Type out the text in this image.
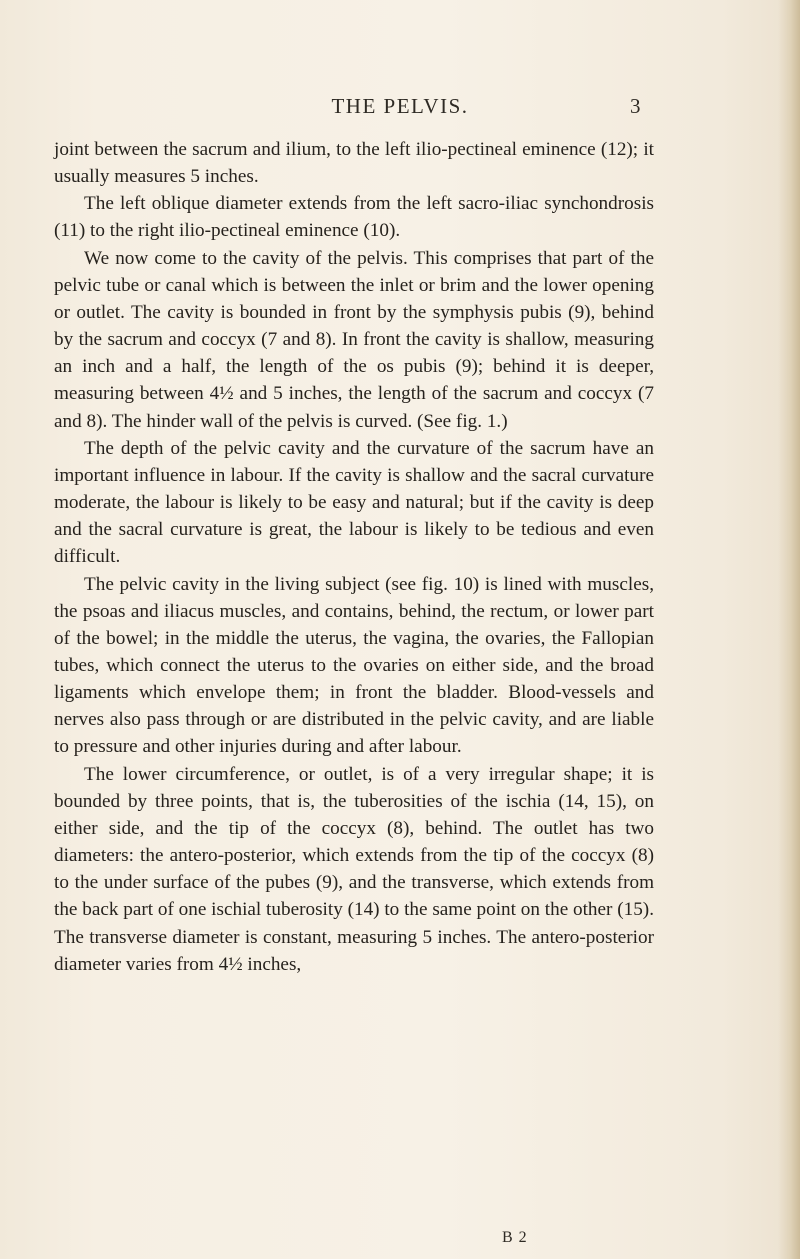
THE PELVIS.	3

joint between the sacrum and ilium, to the left ilio-pectineal eminence (12); it usually measures 5 inches.

The left oblique diameter extends from the left sacro-iliac synchondrosis (11) to the right ilio-pectineal eminence (10).

We now come to the cavity of the pelvis. This comprises that part of the pelvic tube or canal which is between the inlet or brim and the lower opening or outlet. The cavity is bounded in front by the symphysis pubis (9), behind by the sacrum and coccyx (7 and 8). In front the cavity is shallow, measuring an inch and a half, the length of the os pubis (9); behind it is deeper, measuring between 4½ and 5 inches, the length of the sacrum and coccyx (7 and 8). The hinder wall of the pelvis is curved. (See fig. 1.)

The depth of the pelvic cavity and the curvature of the sacrum have an important influence in labour. If the cavity is shallow and the sacral curvature moderate, the labour is likely to be easy and natural; but if the cavity is deep and the sacral curvature is great, the labour is likely to be tedious and even difficult.

The pelvic cavity in the living subject (see fig. 10) is lined with muscles, the psoas and iliacus muscles, and contains, behind, the rectum, or lower part of the bowel; in the middle the uterus, the vagina, the ovaries, the Fallopian tubes, which connect the uterus to the ovaries on either side, and the broad ligaments which envelope them; in front the bladder. Blood-vessels and nerves also pass through or are distributed in the pelvic cavity, and are liable to pressure and other injuries during and after labour.

The lower circumference, or outlet, is of a very irregular shape; it is bounded by three points, that is, the tuberosities of the ischia (14, 15), on either side, and the tip of the coccyx (8), behind. The outlet has two diameters: the antero-posterior, which extends from the tip of the coccyx (8) to the under surface of the pubes (9), and the transverse, which extends from the back part of one ischial tuberosity (14) to the same point on the other (15). The transverse diameter is constant, measuring 5 inches. The antero-posterior diameter varies from 4½ inches,

B 2
